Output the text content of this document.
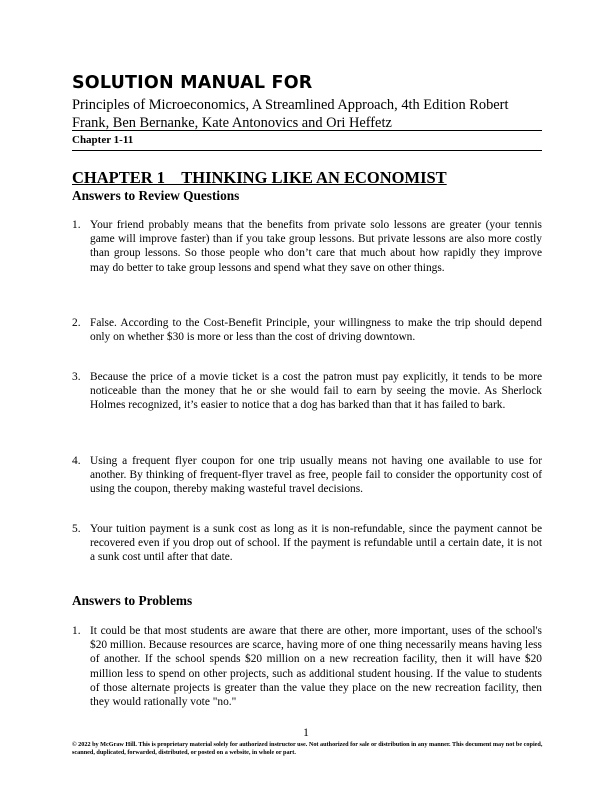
SOLUTION MANUAL FOR
Principles of Microeconomics, A Streamlined Approach, 4th Edition Robert Frank, Ben Bernanke, Kate Antonovics and Ori Heffetz
Chapter 1-11
CHAPTER 1    THINKING LIKE AN ECONOMIST
Answers to Review Questions
1. Your friend probably means that the benefits from private solo lessons are greater (your tennis game will improve faster) than if you take group lessons. But private lessons are also more costly than group lessons. So those people who don’t care that much about how rapidly they improve may do better to take group lessons and spend what they save on other things.
2. False. According to the Cost-Benefit Principle, your willingness to make the trip should depend only on whether $30 is more or less than the cost of driving downtown.
3. Because the price of a movie ticket is a cost the patron must pay explicitly, it tends to be more noticeable than the money that he or she would fail to earn by seeing the movie. As Sherlock Holmes recognized, it’s easier to notice that a dog has barked than that it has failed to bark.
4. Using a frequent flyer coupon for one trip usually means not having one available to use for another. By thinking of frequent-flyer travel as free, people fail to consider the opportunity cost of using the coupon, thereby making wasteful travel decisions.
5. Your tuition payment is a sunk cost as long as it is non-refundable, since the payment cannot be recovered even if you drop out of school. If the payment is refundable until a certain date, it is not a sunk cost until after that date.
Answers to Problems
1. It could be that most students are aware that there are other, more important, uses of the school's $20 million. Because resources are scarce, having more of one thing necessarily means having less of another. If the school spends $20 million on a new recreation facility, then it will have $20 million less to spend on other projects, such as additional student housing. If the value to students of those alternate projects is greater than the value they place on the new recreation facility, then they would rationally vote "no."
1
© 2022 by McGraw Hill. This is proprietary material solely for authorized instructor use. Not authorized for sale or distribution in any manner. This document may not be copied, scanned, duplicated, forwarded, distributed, or posted on a website, in whole or part.
